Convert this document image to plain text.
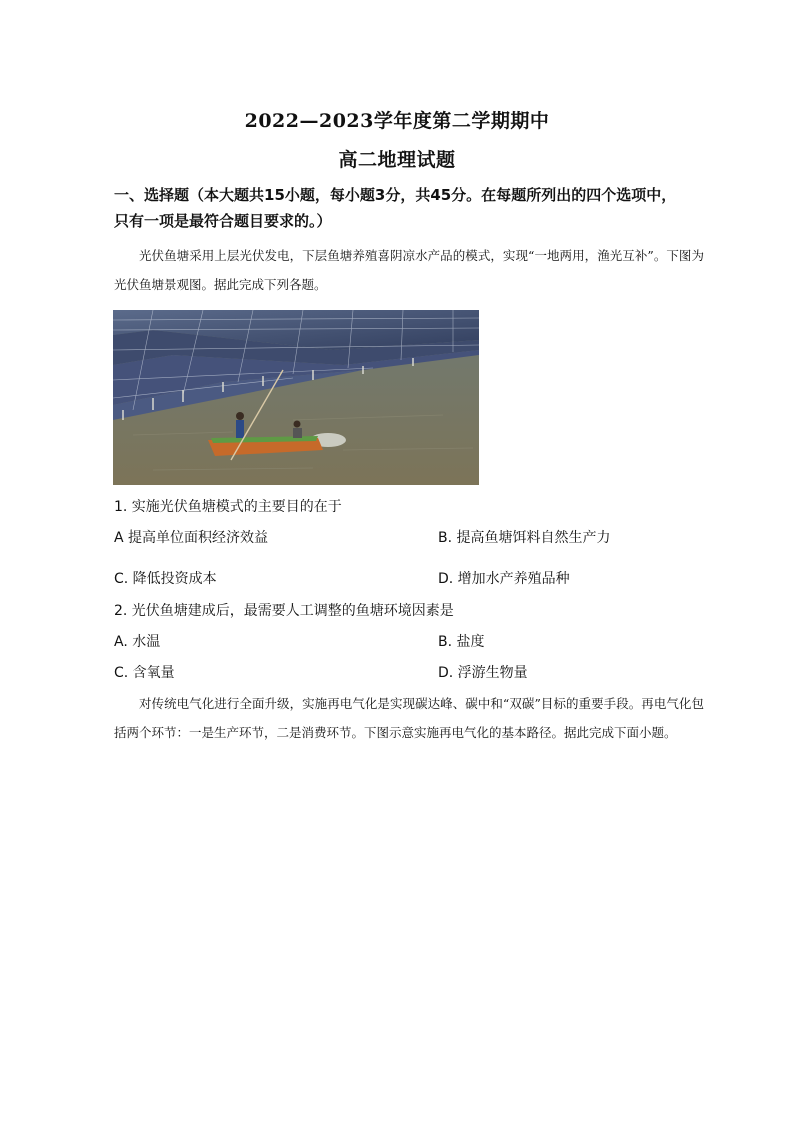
2022—2023学年度第二学期期中
高二地理试题
一、选择题（本大题共15小题，每小题3分，共45分。在每题所列出的四个选项中，
只有一项是最符合题目要求的。）
光伏鱼塘采用上层光伏发电，下层鱼塘养殖喜阴凉水产品的模式，实现“一地两用，渔光互补”。下图为光伏鱼塘景观图。据此完成下列各题。
1. 实施光伏鱼塘模式的主要目的在于
A 提高单位面积经济效益	B. 提高鱼塘饵料自然生产力
C. 降低投资成本	D. 增加水产养殖品种
2. 光伏鱼塘建成后，最需要人工调整的鱼塘环境因素是
A. 水温	B. 盐度
C. 含氧量	D. 浮游生物量
对传统电气化进行全面升级，实施再电气化是实现碳达峰、碳中和“双碳”目标的重要手段。再电气化包括两个环节：一是生产环节，二是消费环节。下图示意实施再电气化的基本路径。据此完成下面小题。
